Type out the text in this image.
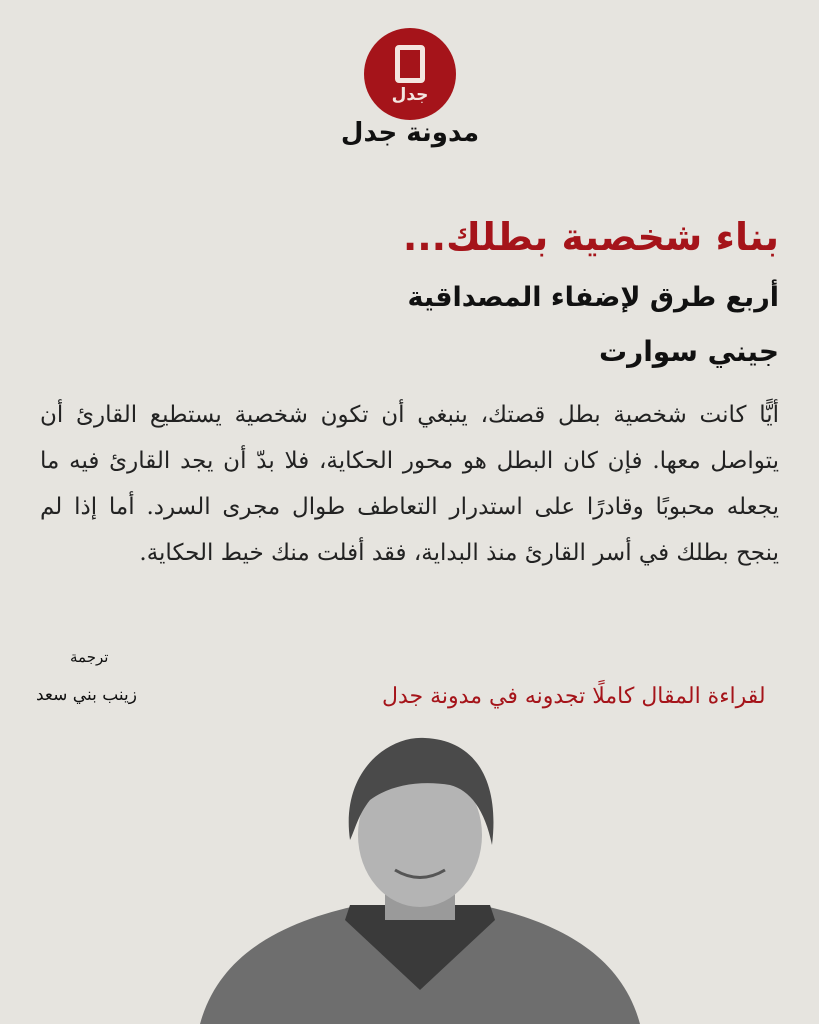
جدل
مدونة جدل
بناء شخصية بطلك...
أربع طرق لإضفاء المصداقية
جيني سوارت
أيًّا كانت شخصية بطل قصتك، ينبغي أن تكون شخصية يستطيع القارئ أن يتواصل معها. فإن كان البطل هو محور الحكاية، فلا بدّ أن يجد القارئ فيه ما يجعله محبوبًا وقادرًا على استدرار التعاطف طوال مجرى السرد. أما إذا لم ينجح بطلك في أسر القارئ منذ البداية، فقد أفلت منك خيط الحكاية.
ترجمة
زينب بني سعد	لقراءة المقال كاملًا تجدونه في مدونة جدل
